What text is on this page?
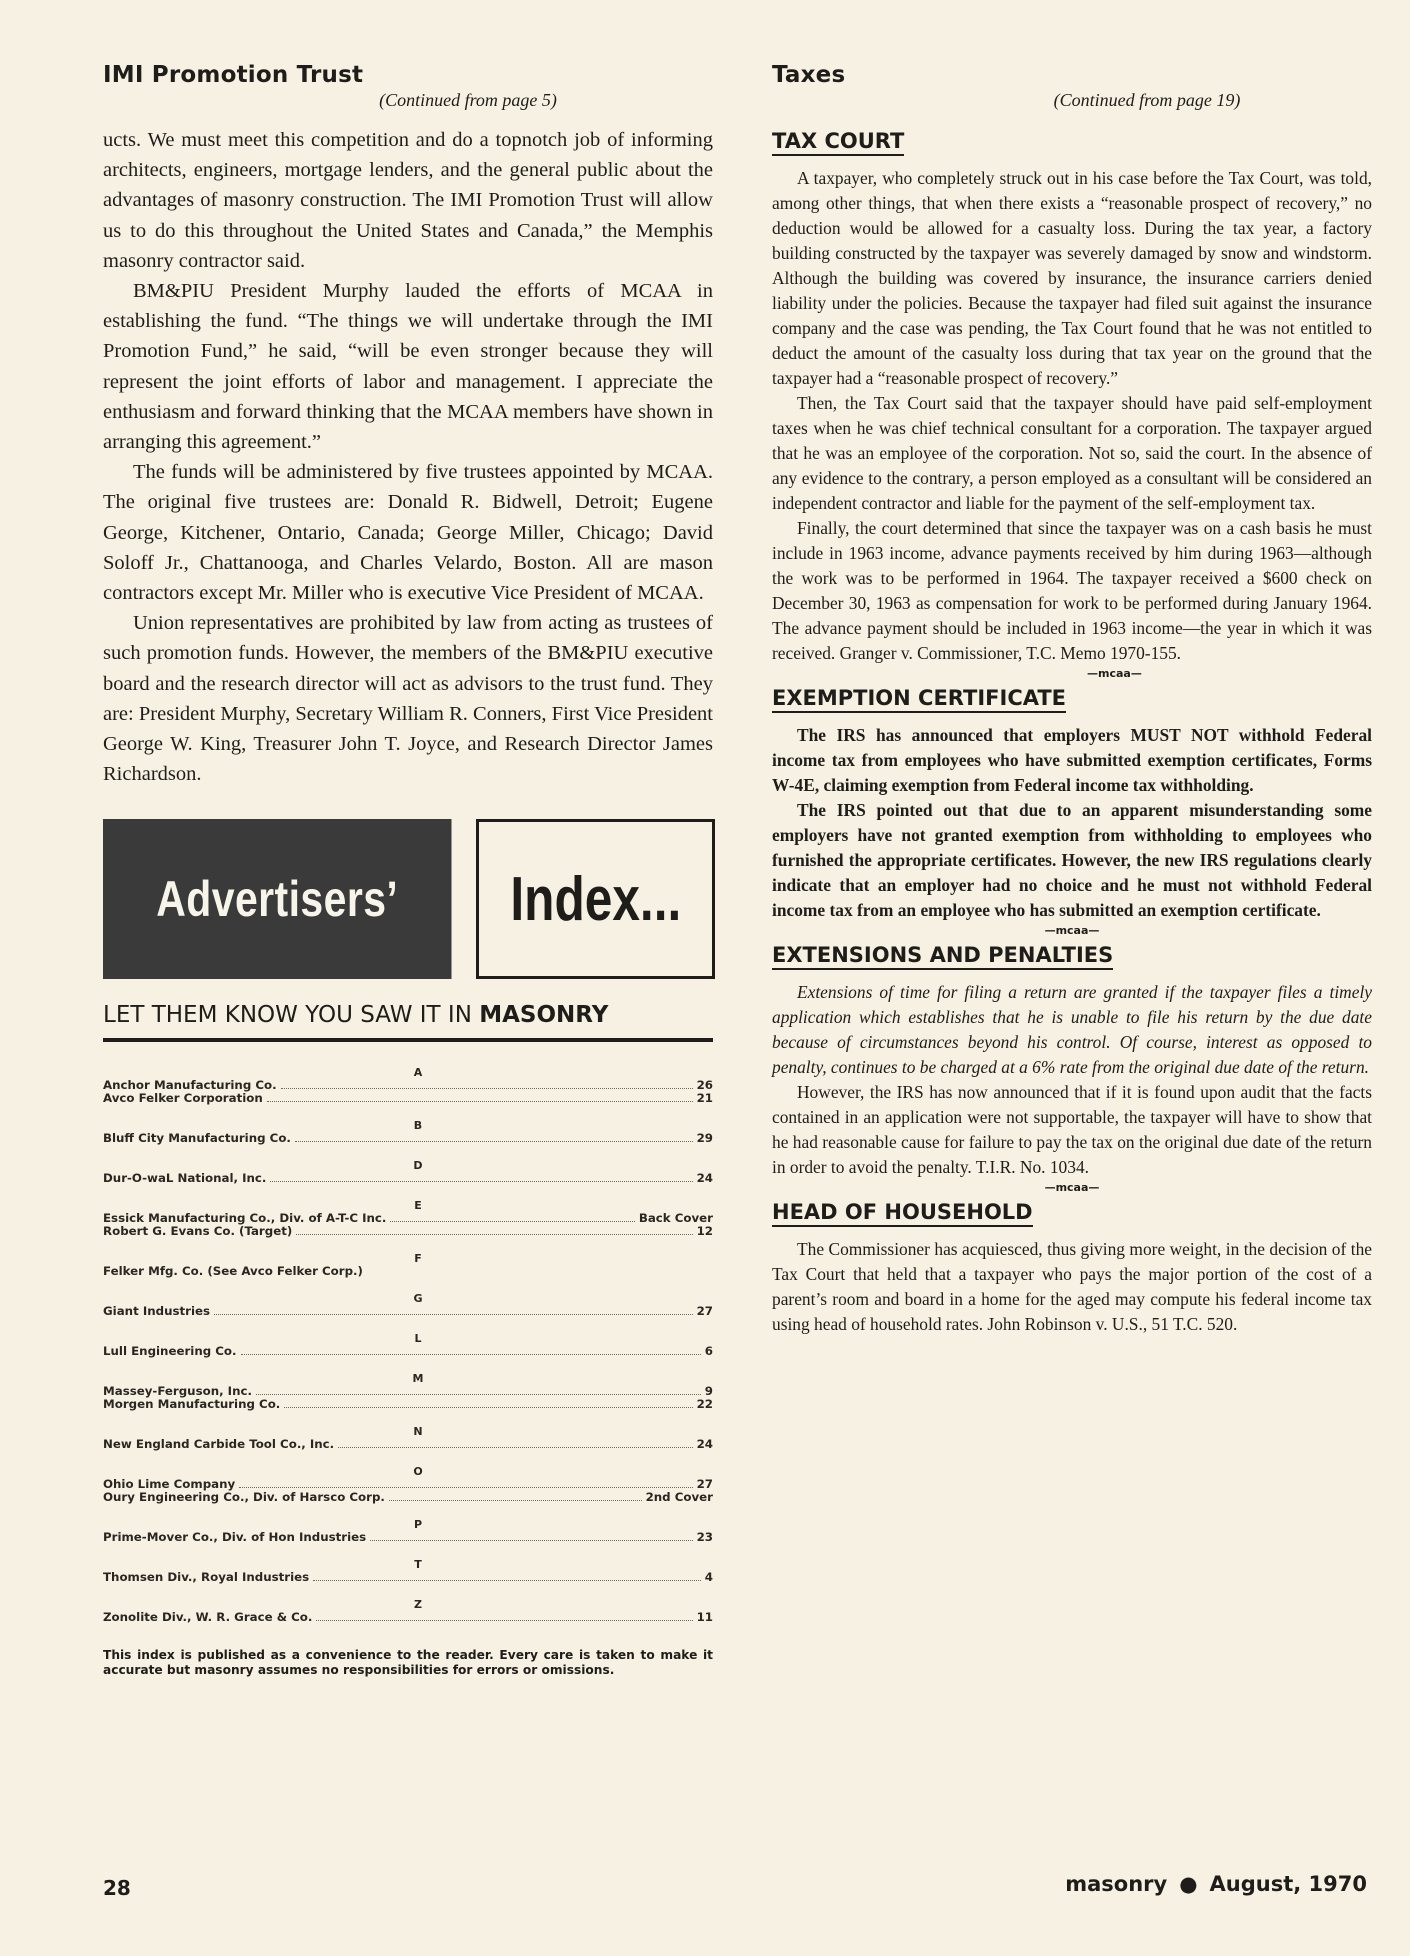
IMI Promotion Trust
(Continued from page 5)

ucts. We must meet this competition and do a topnotch job of informing architects, engineers, mortgage lenders, and the general public about the advantages of masonry construction. The IMI Promotion Trust will allow us to do this throughout the United States and Canada,” the Memphis masonry contractor said.

BM&PIU President Murphy lauded the efforts of MCAA in establishing the fund. “The things we will undertake through the IMI Promotion Fund,” he said, “will be even stronger because they will represent the joint efforts of labor and management. I appreciate the enthusiasm and forward thinking that the MCAA members have shown in arranging this agreement.”

The funds will be administered by five trustees appointed by MCAA. The original five trustees are: Donald R. Bidwell, Detroit; Eugene George, Kitchener, Ontario, Canada; George Miller, Chicago; David Soloff Jr., Chattanooga, and Charles Velardo, Boston. All are mason contractors except Mr. Miller who is executive Vice President of MCAA.

Union representatives are prohibited by law from acting as trustees of such promotion funds. However, the members of the BM&PIU executive board and the research director will act as advisors to the trust fund. They are: President Murphy, Secretary William R. Conners, First Vice President George W. King, Treasurer John T. Joyce, and Research Director James Richardson.

Advertisers’	Index...
LET THEM KNOW YOU SAW IT IN MASONRY
A
Anchor Manufacturing Co.	26
Avco Felker Corporation	21
B
Bluff City Manufacturing Co.	29
D
Dur-O-waL National, Inc.	24
E
Essick Manufacturing Co., Div. of A-T-C Inc.	Back Cover
Robert G. Evans Co. (Target)	12
F
Felker Mfg. Co. (See Avco Felker Corp.)
G
Giant Industries	27
L
Lull Engineering Co.	6
M
Massey-Ferguson, Inc.	9
Morgen Manufacturing Co.	22
N
New England Carbide Tool Co., Inc.	24
O
Ohio Lime Company	27
Oury Engineering Co., Div. of Harsco Corp.	2nd Cover
P
Prime-Mover Co., Div. of Hon Industries	23
T
Thomsen Div., Royal Industries	4
Z
Zonolite Div., W. R. Grace & Co.	11
This index is published as a convenience to the reader. Every care is taken to make it accurate but masonry assumes no responsibilities for errors or omissions.
Taxes
(Continued from page 19)
TAX COURT

A taxpayer, who completely struck out in his case before the Tax Court, was told, among other things, that when there exists a “reasonable prospect of recovery,” no deduction would be allowed for a casualty loss. During the tax year, a factory building constructed by the taxpayer was severely damaged by snow and windstorm. Although the building was covered by insurance, the insurance carriers denied liability under the policies. Because the taxpayer had filed suit against the insurance company and the case was pending, the Tax Court found that he was not entitled to deduct the amount of the casualty loss during that tax year on the ground that the taxpayer had a “reasonable prospect of recovery.”

Then, the Tax Court said that the taxpayer should have paid self-employment taxes when he was chief technical consultant for a corporation. The taxpayer argued that he was an employee of the corporation. Not so, said the court. In the absence of any evidence to the contrary, a person employed as a consultant will be considered an independent contractor and liable for the payment of the self-employment tax.

Finally, the court determined that since the taxpayer was on a cash basis he must include in 1963 income, advance payments received by him during 1963—although the work was to be performed in 1964. The taxpayer received a $600 check on December 30, 1963 as compensation for work to be performed during January 1964. The advance payment should be included in 1963 income—the year in which it was received. Granger v. Commissioner, T.C. Memo 1970-155.

—mcaa—
EXEMPTION CERTIFICATE

The IRS has announced that employers MUST NOT withhold Federal income tax from employees who have submitted exemption certificates, Forms W-4E, claiming exemption from Federal income tax withholding.

The IRS pointed out that due to an apparent misunderstanding some employers have not granted exemption from withholding to employees who furnished the appropriate certificates. However, the new IRS regulations clearly indicate that an employer had no choice and he must not withhold Federal income tax from an employee who has submitted an exemption certificate.

—mcaa—
EXTENSIONS AND PENALTIES

Extensions of time for filing a return are granted if the taxpayer files a timely application which establishes that he is unable to file his return by the due date because of circumstances beyond his control. Of course, interest as opposed to penalty, continues to be charged at a 6% rate from the original due date of the return.

However, the IRS has now announced that if it is found upon audit that the facts contained in an application were not supportable, the taxpayer will have to show that he had reasonable cause for failure to pay the tax on the original due date of the return in order to avoid the penalty. T.I.R. No. 1034.

—mcaa—
HEAD OF HOUSEHOLD

The Commissioner has acquiesced, thus giving more weight, in the decision of the Tax Court that held that a taxpayer who pays the major portion of the cost of a parent’s room and board in a home for the aged may compute his federal income tax using head of household rates. John Robinson v. U.S., 51 T.C. 520.

28	masonry ● August, 1970
